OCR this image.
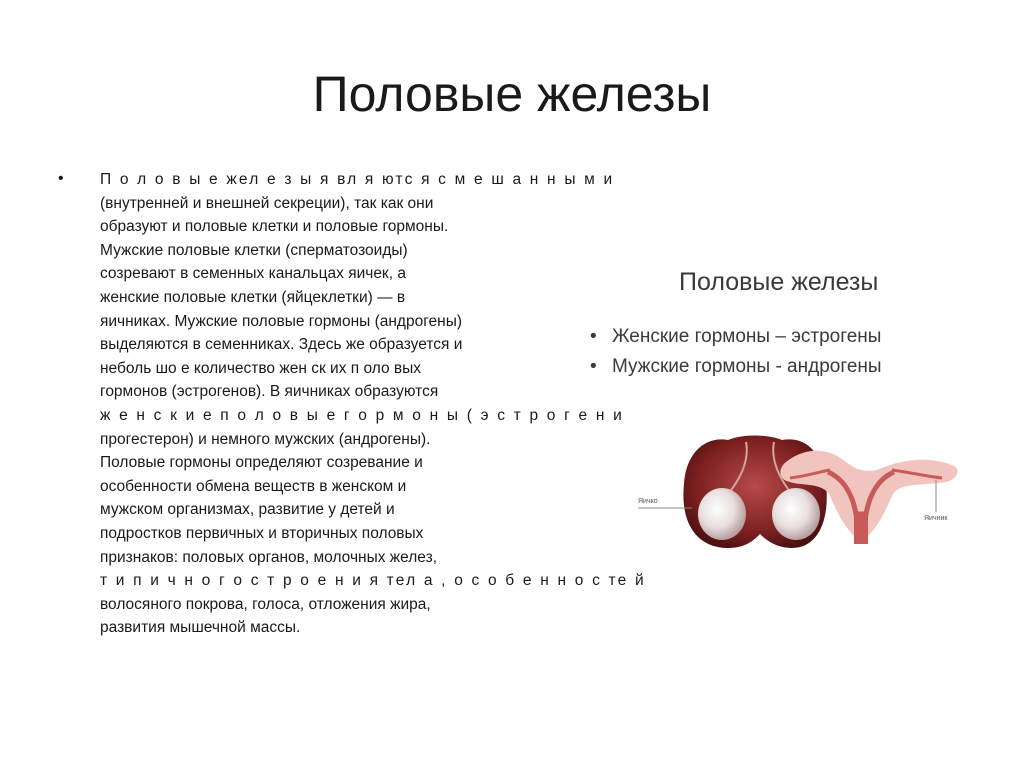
Половые железы
• П о л о в ы е жел е з ы я вл я ютс я с м е ш а н н ы м и
(внутренней и внешней секреции), так как они
образуют и половые клетки и половые гормоны.
Мужские половые клетки (сперматозоиды)
созревают в семенных канальцах яичек, а
женские половые клетки (яйцеклетки) — в
яичниках. Мужские половые гормоны (андрогены)
выделяются в семенниках. Здесь же образуется и
неболь шо е количество жен ск их п оло вых
гормонов (эстрогенов). В яичниках образуются
ж е н с к и е п о л о в ы е г о р м о н ы ( э с т р о г е н и
прогестерон) и немного мужских (андрогены).
Половые гормоны определяют созревание и
особенности обмена веществ в женском и
мужском организмах, развитие у детей и
подростков первичных и вторичных половых
признаков: половых органов, молочных желез,
т и п и ч н о г о с т р о е н и я тел а , о с о б е н н о с те й
волосяного покрова, голоса, отложения жира,
развития мышечной массы.
Половые железы
• Женские гормоны – эстрогены
• Мужские гормоны - андрогены
Яичко
Яичник
